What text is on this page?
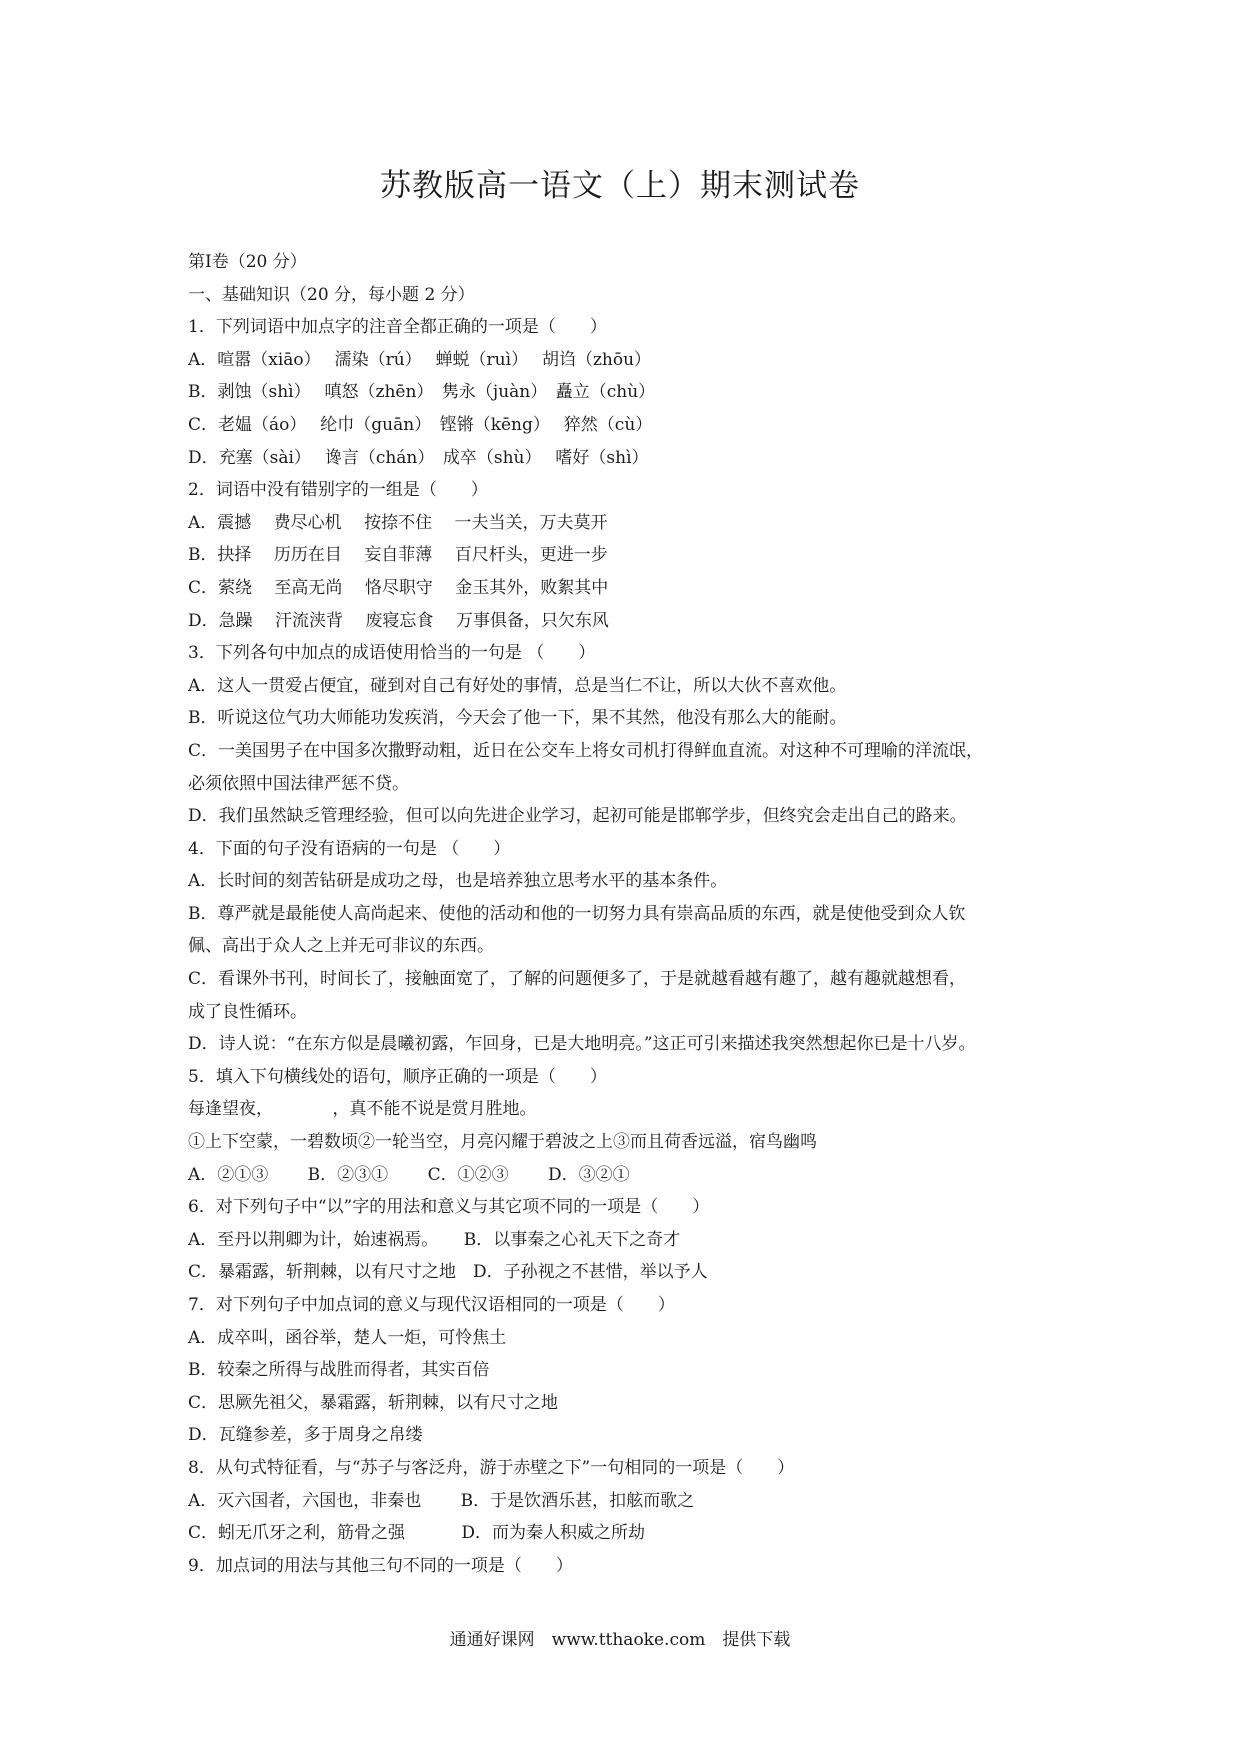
苏教版高一语文（上）期末测试卷
第Ⅰ卷（20 分）
一、基础知识（20 分，每小题 2 分）
1．下列词语中加点字的注音全都正确的一项是（　　）
A．喧嚣（xiāo）　 濡染（rú）　 蝉蜕（ruì）　 胡诌（zhōu）
B．剥蚀（shì）　 嗔怒（zhēn）　隽永（juàn）　矗立（chù）
C．老媪（áo）　 纶巾（guān）　铿锵（kēng）　 猝然（cù）
D．充塞（sài）　 谗言（chán）　成卒（shù）　 嗜好（shì）
2．词语中没有错别字的一组是（　　）
A．震撼　 费尽心机　 按捺不住　 一夫当关，万夫莫开
B．抉择　 历历在目　 妄自菲薄　 百尺杆头，更进一步
C．萦绕　 至高无尚　 恪尽职守　 金玉其外，败絮其中
D．急躁　 汗流浃背　 废寝忘食　 万事俱备，只欠东风
3．下列各句中加点的成语使用恰当的一句是 （　　）
A．这人一贯爱占便宜，碰到对自己有好处的事情，总是当仁不让，所以大伙不喜欢他。
B．听说这位气功大师能功发疾消，今天会了他一下，果不其然，他没有那么大的能耐。
C．一美国男子在中国多次撒野动粗，近日在公交车上将女司机打得鲜血直流。对这种不可理喻的洋流氓，
必须依照中国法律严惩不贷。
D．我们虽然缺乏管理经验，但可以向先进企业学习，起初可能是邯郸学步，但终究会走出自己的路来。
4．下面的句子没有语病的一句是 （　　）
A．长时间的刻苦钻研是成功之母，也是培养独立思考水平的基本条件。
B．尊严就是最能使人高尚起来、使他的活动和他的一切努力具有崇高品质的东西，就是使他受到众人钦
佩、高出于众人之上并无可非议的东西。
C．看课外书刊，时间长了，接触面宽了，了解的问题便多了，于是就越看越有趣了，越有趣就越想看，
成了良性循环。
D．诗人说：“在东方似是晨曦初露，乍回身，已是大地明亮。”这正可引来描述我突然想起你已是十八岁。
5．填入下句横线处的语句，顺序正确的一项是（　　）
每逢望夜，　　　　，真不能不说是赏月胜地。
①上下空蒙，一碧数顷②一轮当空，月亮闪耀于碧波之上③而且荷香远溢，宿鸟幽鸣
A．②①③　　 B．②③①　　 C．①②③　　 D．③②①
6．对下列句子中“以”字的用法和意义与其它项不同的一项是（　　）
A．至丹以荆卿为计，始速祸焉。　　B．以事秦之心礼天下之奇才
C．暴霜露，斩荆棘，以有尺寸之地　D．子孙视之不甚惜，举以予人
7．对下列句子中加点词的意义与现代汉语相同的一项是（　　）
A．成卒叫，函谷举，楚人一炬，可怜焦土
B．较秦之所得与战胜而得者，其实百倍
C．思厥先祖父，暴霜露，斩荆棘，以有尺寸之地
D．瓦缝参差，多于周身之帛缕
8．从句式特征看，与“苏子与客泛舟，游于赤壁之下”一句相同的一项是（　　）
A．灭六国者，六国也，非秦也　　 B．于是饮酒乐甚，扣舷而歌之
C．蚓无爪牙之利，筋骨之强　　　 D．而为秦人积威之所劫
9．加点词的用法与其他三句不同的一项是（　　）
通通好课网　www.tthaoke.com　提供下载
